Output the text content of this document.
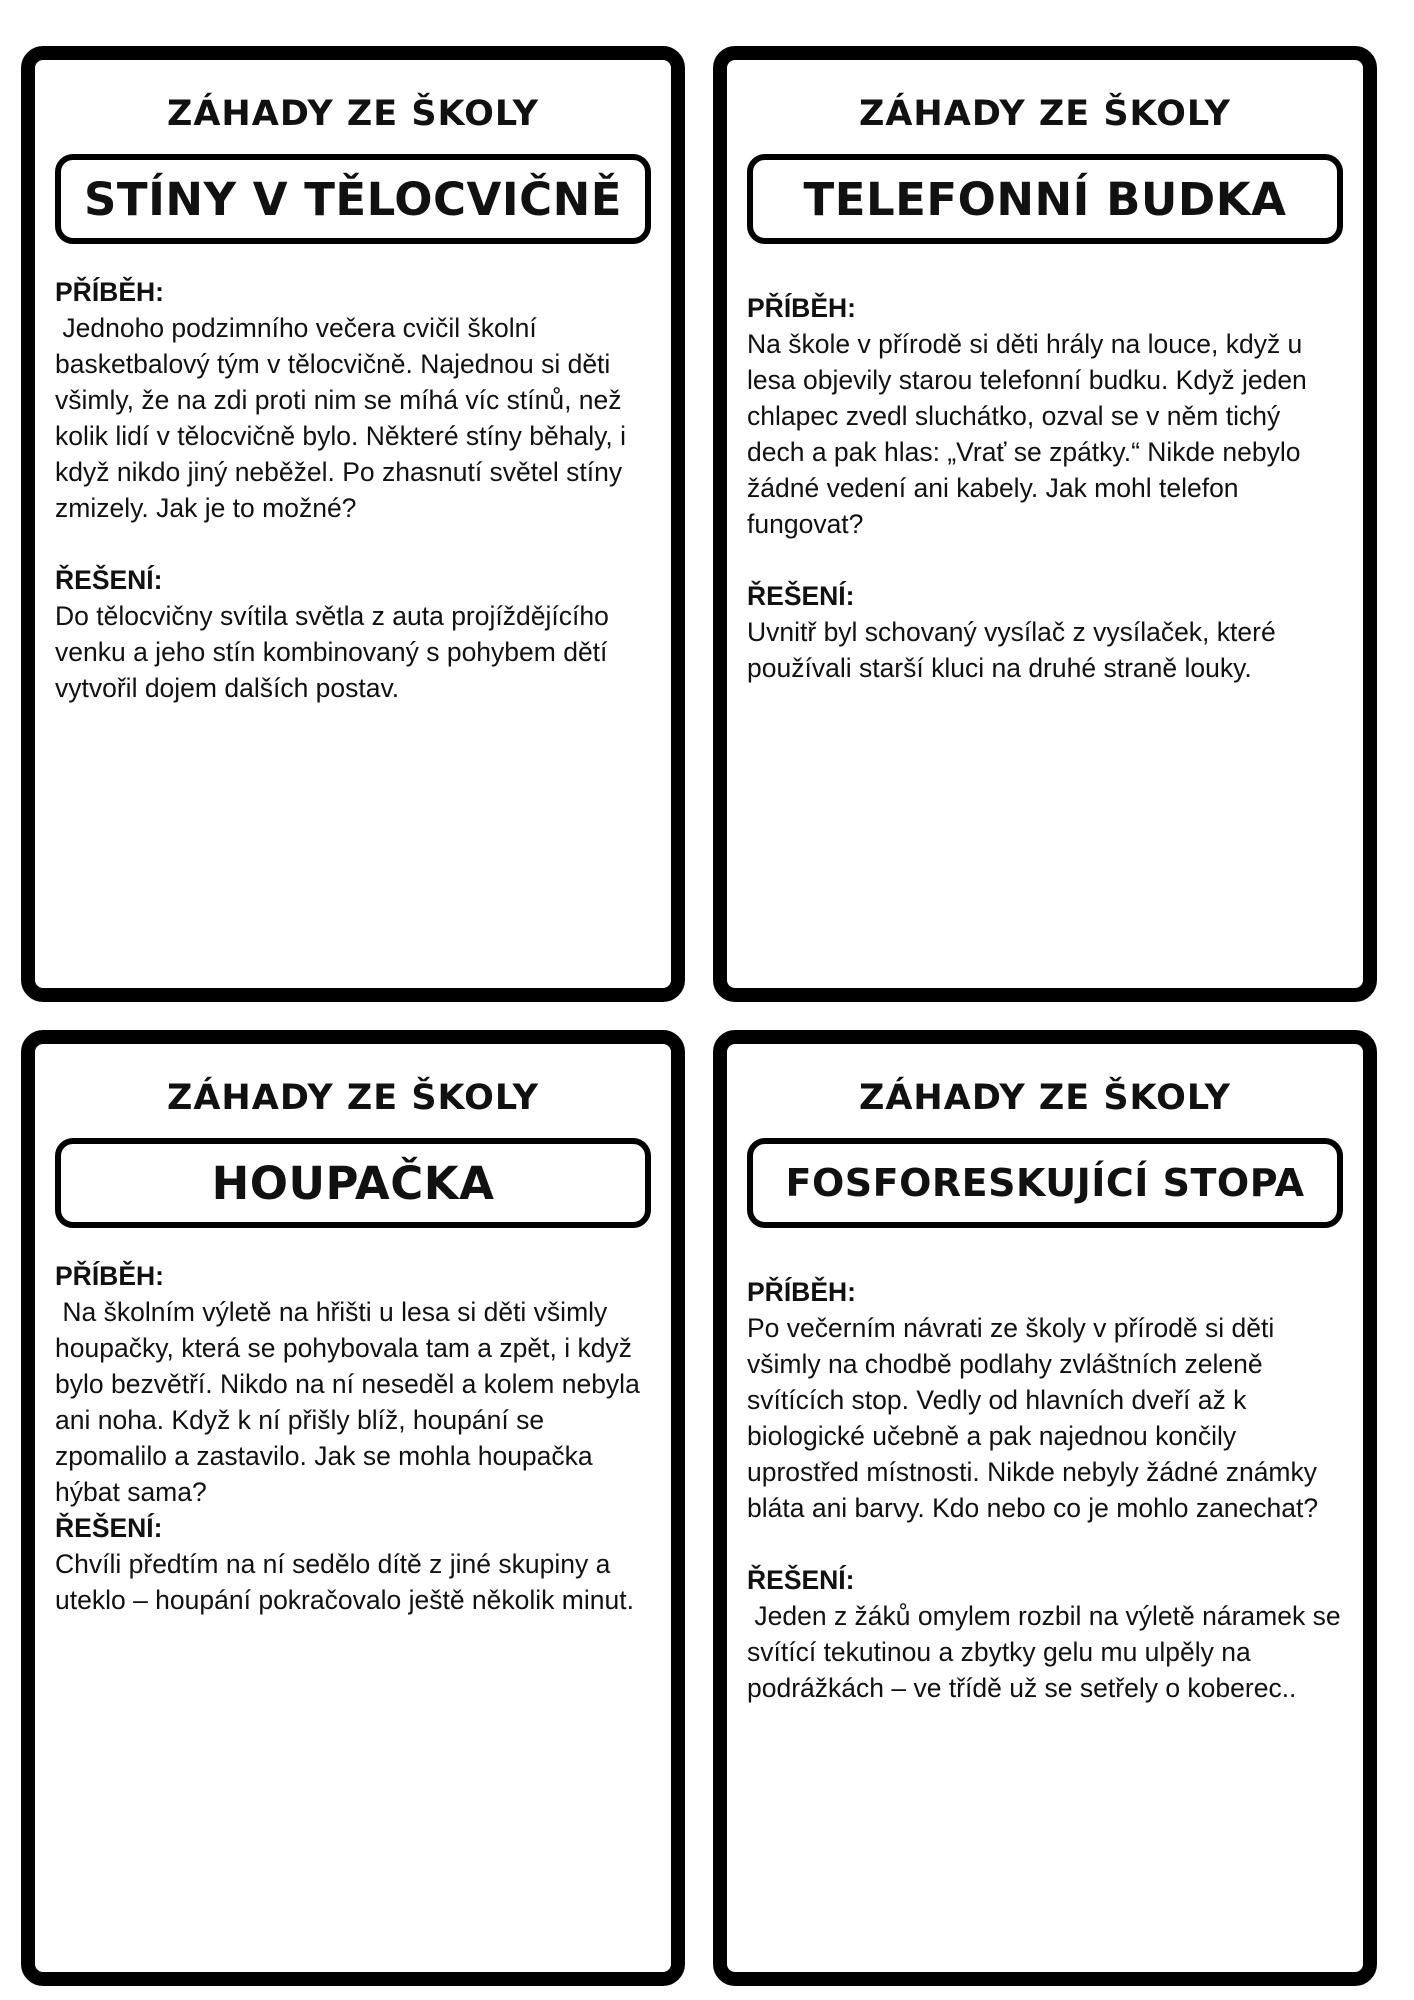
ZÁHADY ZE ŠKOLY
STÍNY V TĚLOCVIČNĚ
PŘÍBĚH:
Jednoho podzimního večera cvičil školní basketbalový tým v tělocvičně. Najednou si děti všimly, že na zdi proti nim se míhá víc stínů, než kolik lidí v tělocvičně bylo. Některé stíny běhaly, i když nikdo jiný neběžel. Po zhasnutí světel stíny zmizely. Jak je to možné?
ŘEŠENÍ:
Do tělocvičny svítila světla z auta projíždějícího venku a jeho stín kombinovaný s pohybem dětí vytvořil dojem dalších postav.
ZÁHADY ZE ŠKOLY
TELEFONNÍ BUDKA
PŘÍBĚH:
Na škole v přírodě si děti hrály na louce, když u lesa objevily starou telefonní budku. Když jeden chlapec zvedl sluchátko, ozval se v něm tichý dech a pak hlas: „Vrať se zpátky.“ Nikde nebylo žádné vedení ani kabely. Jak mohl telefon fungovat?
ŘEŠENÍ:
Uvnitř byl schovaný vysílač z vysílaček, které používali starší kluci na druhé straně louky.
ZÁHADY ZE ŠKOLY
HOUPAČKA
PŘÍBĚH:
Na školním výletě na hřišti u lesa si děti všimly houpačky, která se pohybovala tam a zpět, i když bylo bezvětří. Nikdo na ní neseděl a kolem nebyla ani noha. Když k ní přišly blíž, houpání se zpomalilo a zastavilo. Jak se mohla houpačka hýbat sama?
ŘEŠENÍ:
Chvíli předtím na ní sedělo dítě z jiné skupiny a uteklo – houpání pokračovalo ještě několik minut.
ZÁHADY ZE ŠKOLY
FOSFORESKUJÍCÍ STOPA
PŘÍBĚH:
Po večerním návrati ze školy v přírodě si děti všimly na chodbě podlahy zvláštních zeleně svítících stop. Vedly od hlavních dveří až k biologické učebně a pak najednou končily uprostřed místnosti. Nikde nebyly žádné známky bláta ani barvy. Kdo nebo co je mohlo zanechat?
ŘEŠENÍ:
Jeden z žáků omylem rozbil na výletě náramek se svítící tekutinou a zbytky gelu mu ulpěly na podrážkách – ve třídě už se setřely o koberec..
